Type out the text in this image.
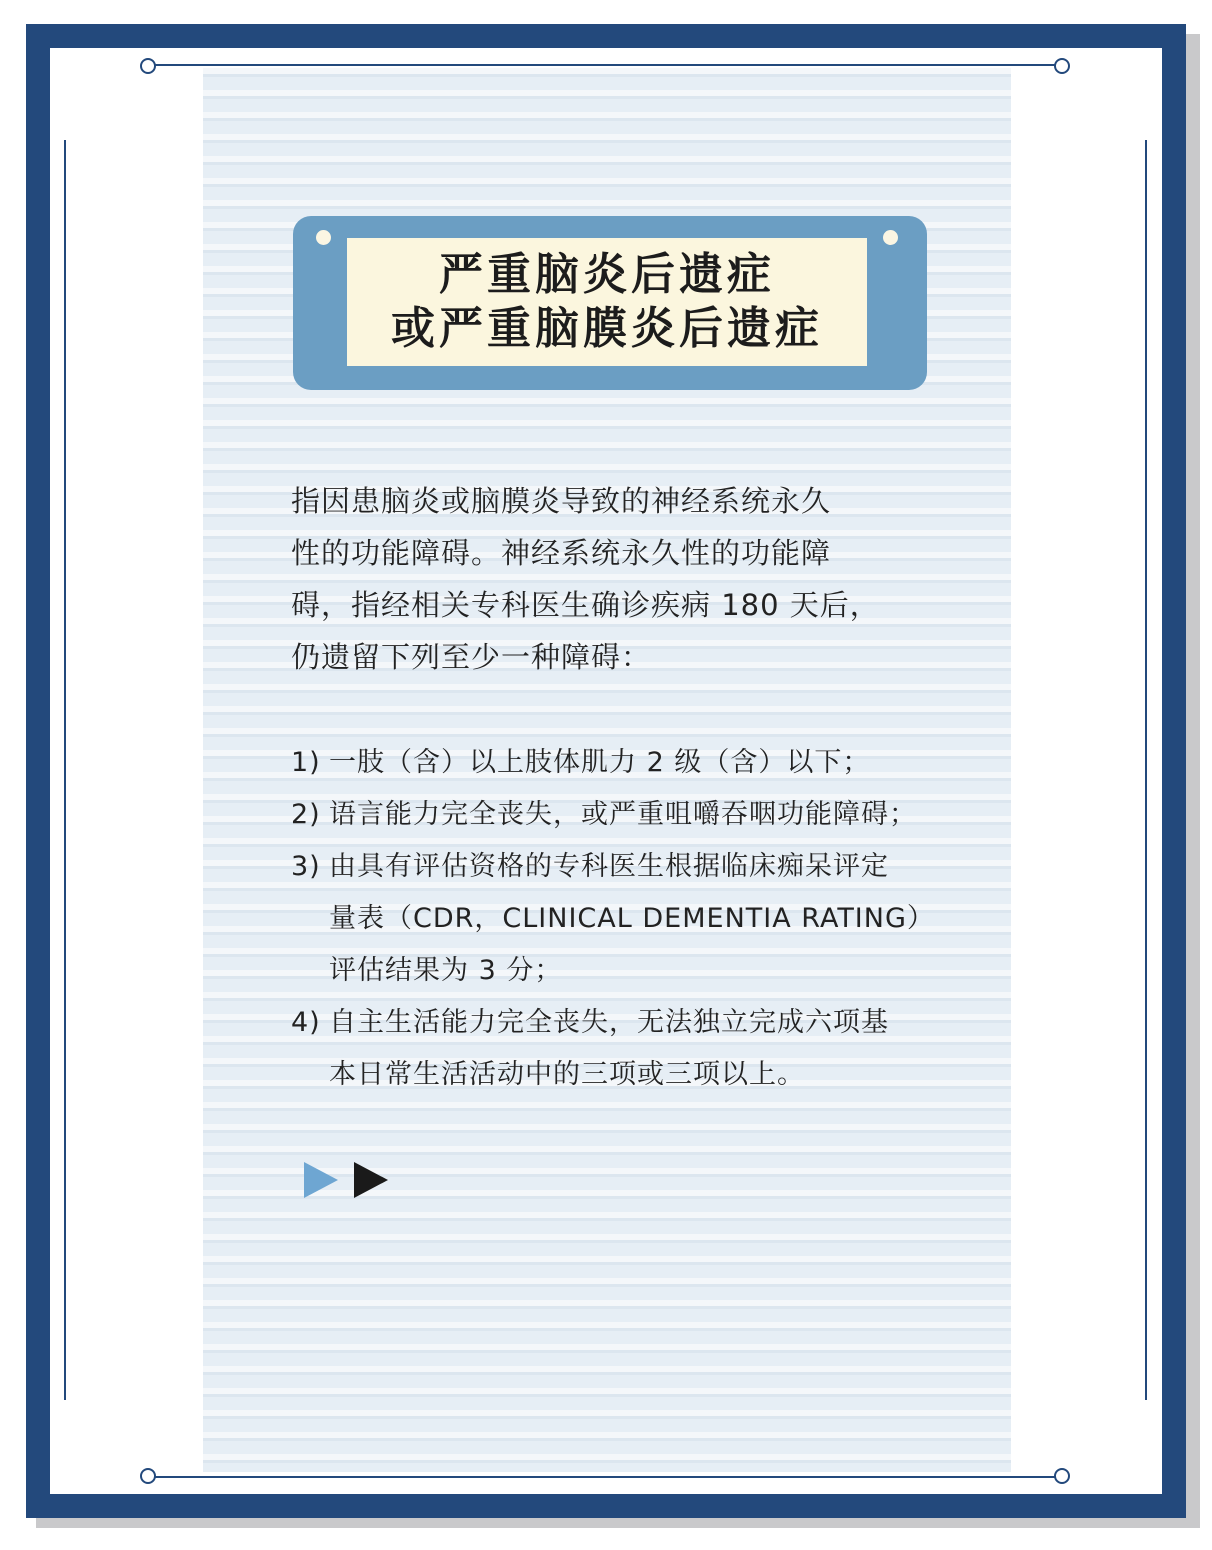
严重脑炎后遗症
或严重脑膜炎后遗症

指因患脑炎或脑膜炎导致的神经系统永久

性的功能障碍。神经系统永久性的功能障

碍，指经相关专科医生确诊疾病 180 天后，

仍遗留下列至少一种障碍：

1) 一肢（含）以上肢体肌力 2 级（含）以下；
2) 语言能力完全丧失，或严重咀嚼吞咽功能障碍；
3) 由具有评估资格的专科医生根据临床痴呆评定
量表（CDR，CLINICAL DEMENTIA RATING）
评估结果为 3 分；
4) 自主生活能力完全丧失，无法独立完成六项基
本日常生活活动中的三项或三项以上。
